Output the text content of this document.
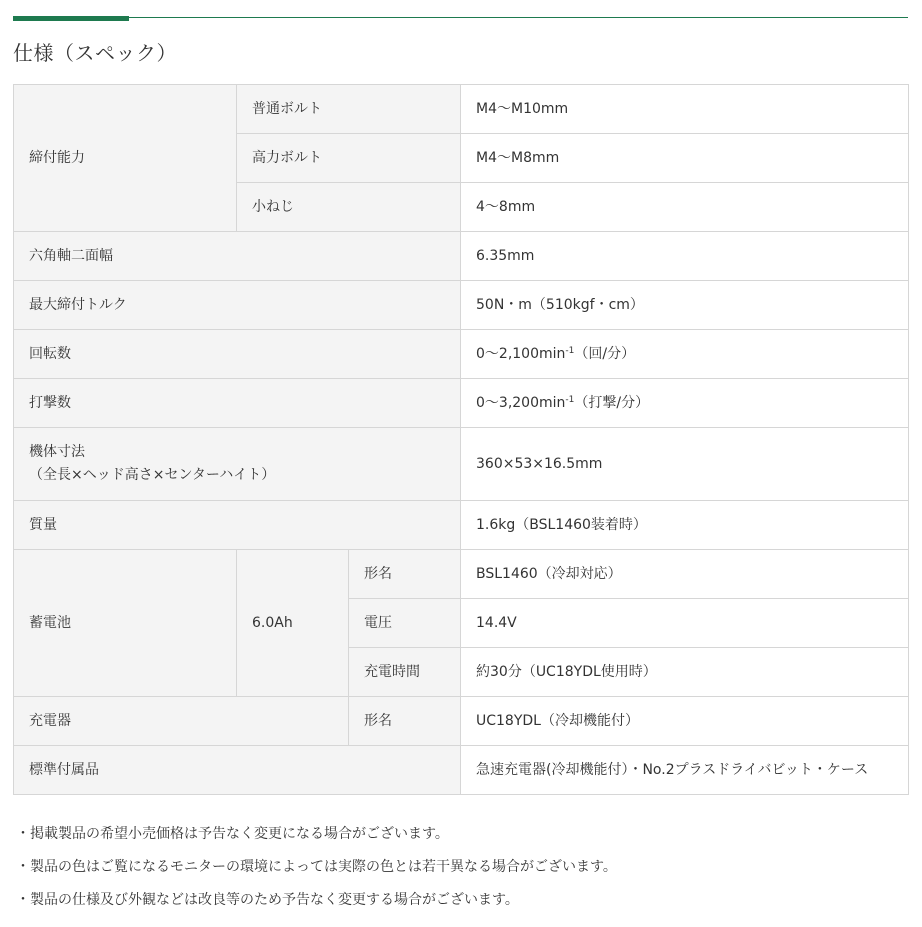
仕様（スペック）
締付能力	普通ボルト		M4～M10mm
	高力ボルト		M4～M8mm
	小ねじ		4～8mm
六角軸二面幅			6.35mm
最大締付トルク			50N・m（510kgf・cm）
回転数			$0\sim 2,100\min^{-1}$（回/分）
打撃数			$0\sim 3,200\min^{-1}$（打撃/分）

機体寸法
（全長×ヘッド高さ×センターハイト）			360×53×16.5mm
質量			1.6kg（BSL1460装着時）
蓄電池	6.0Ah	形名	BSL1460（冷却対応）
		電圧	14.4V
		充電時間	約30分（UC18YDL使用時）
充電器		形名	UC18YDL（冷却機能付）
標準付属品			急速充電器(冷却機能付）・No.2プラスドライバビット・ケース
・掲載製品の希望小売価格は予告なく変更になる場合がございます。
・製品の色はご覧になるモニターの環境によっては実際の色とは若干異なる場合がございます。
・製品の仕様及び外観などは改良等のため予告なく変更する場合がございます。
